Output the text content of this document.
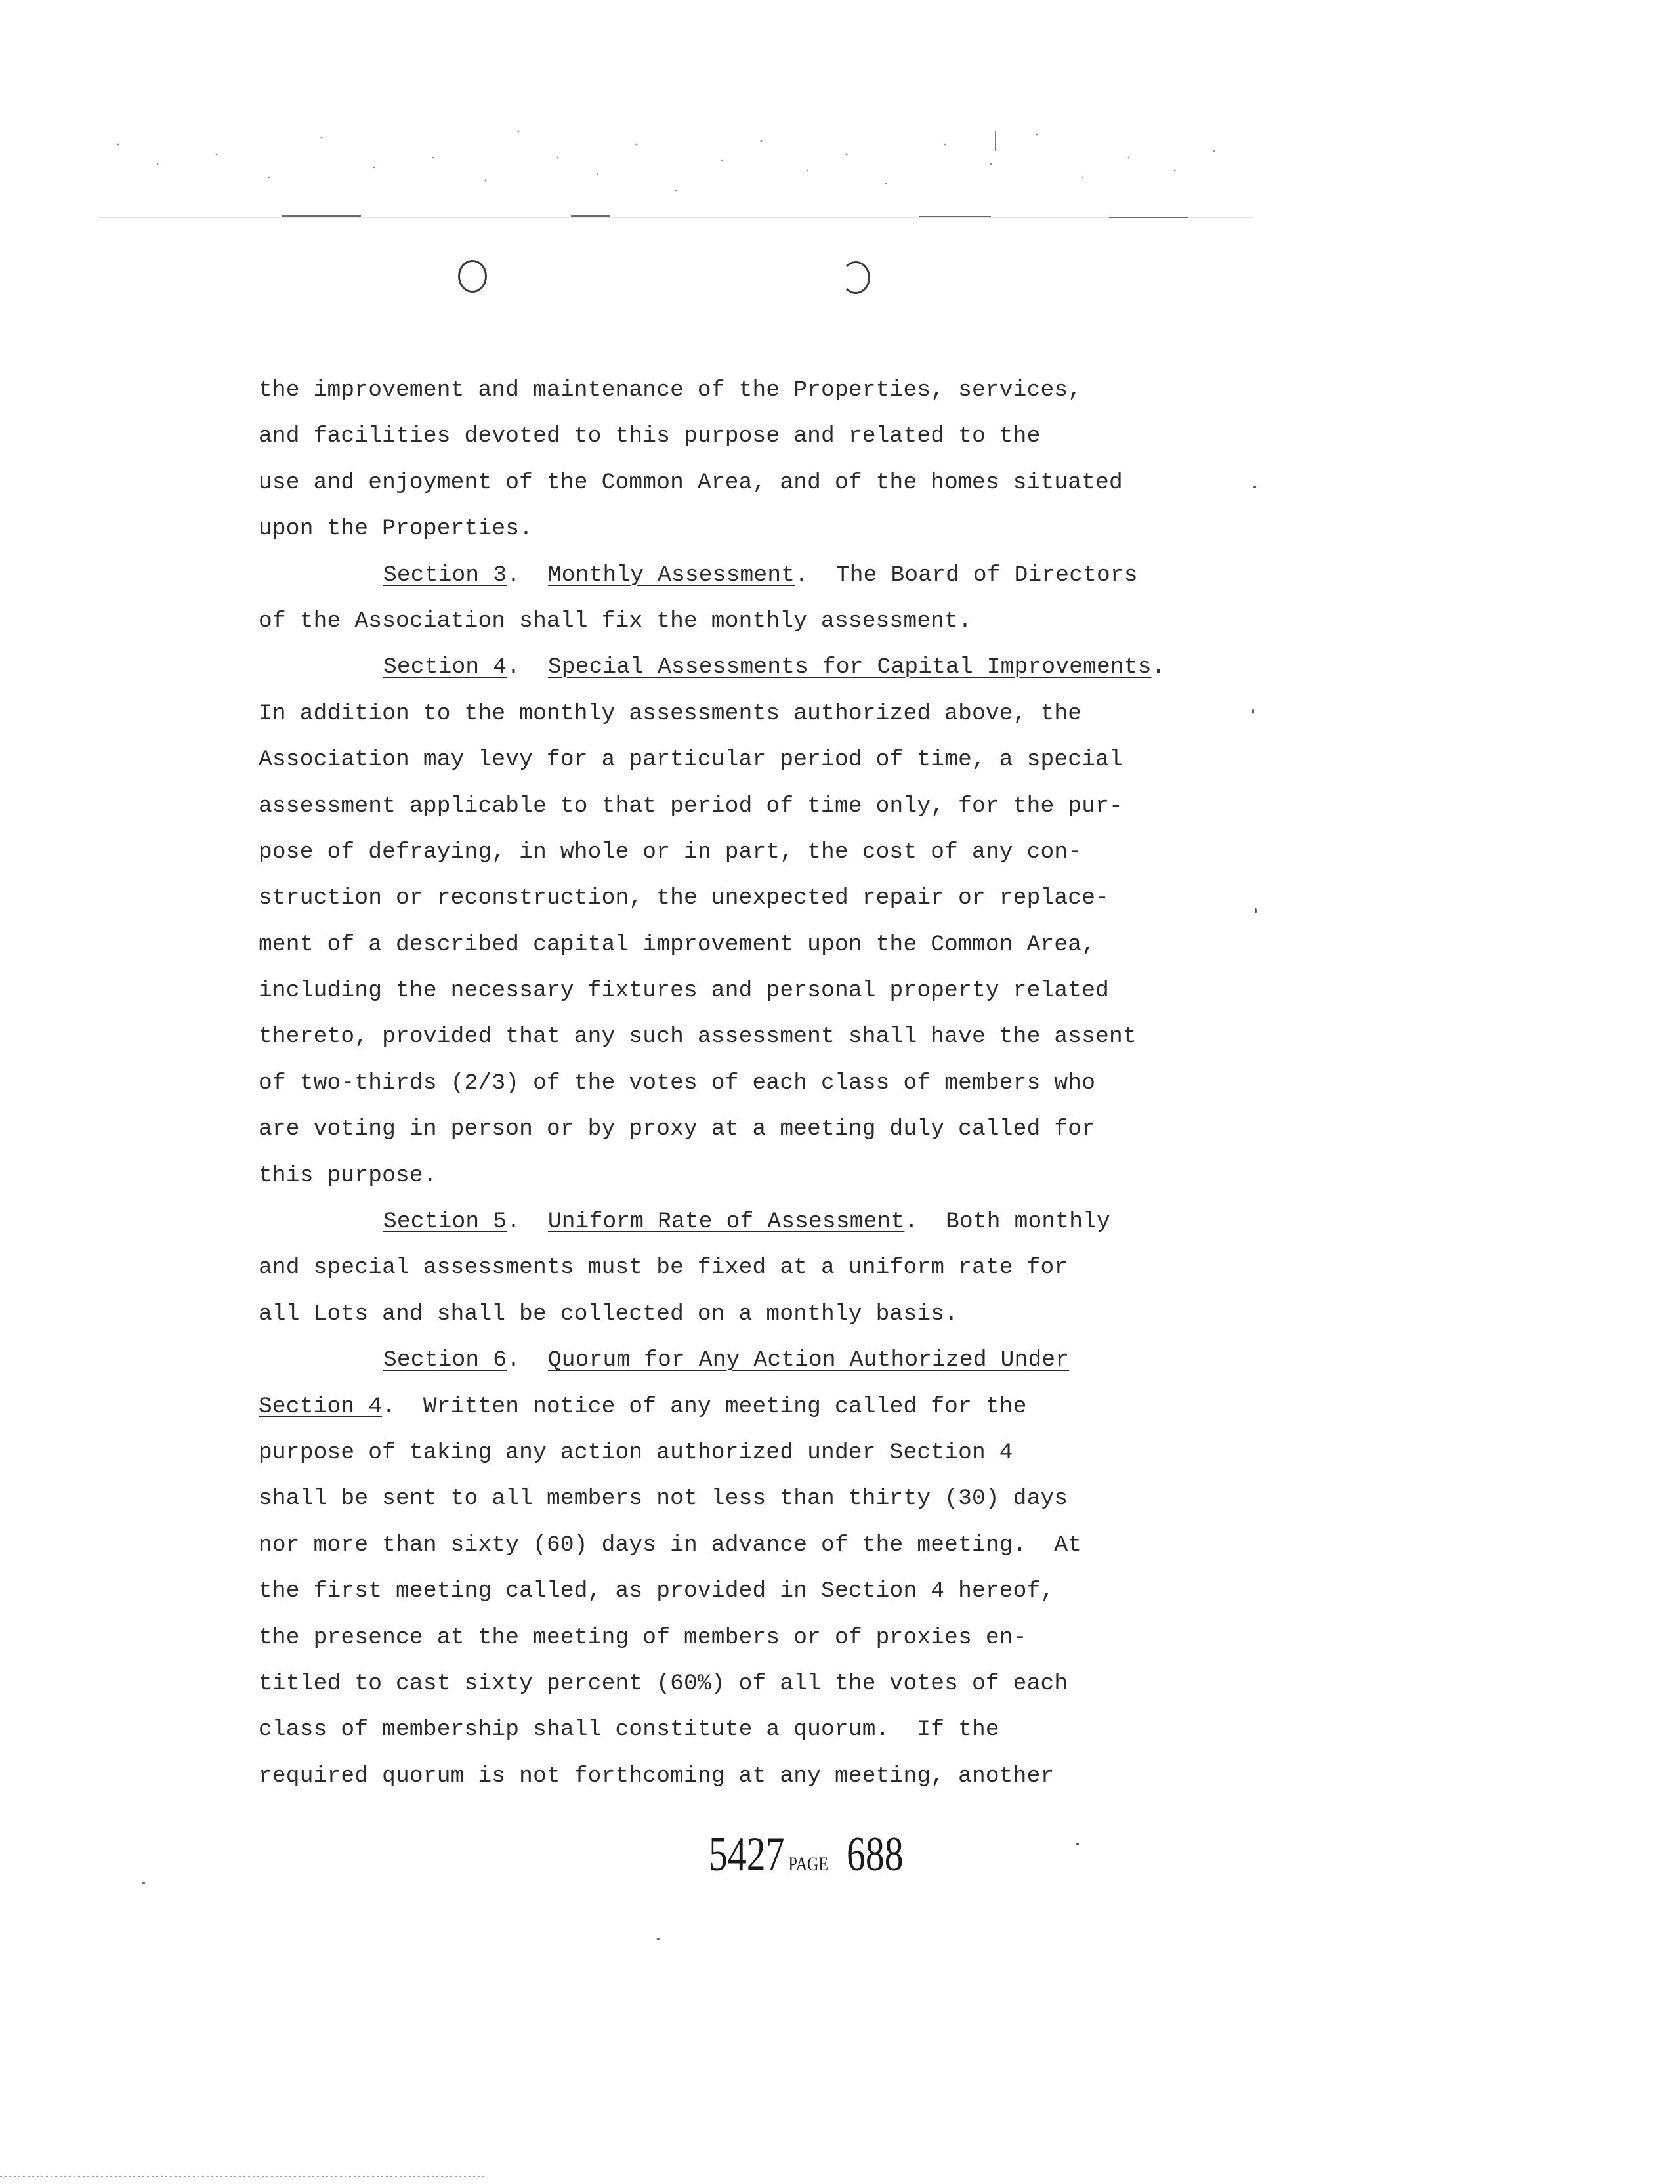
the improvement and maintenance of the Properties, services,
and facilities devoted to this purpose and related to the
use and enjoyment of the Common Area, and of the homes situated
upon the Properties.
Section 3.  Monthly Assessment.  The Board of Directors
of the Association shall fix the monthly assessment.
Section 4.  Special Assessments for Capital Improvements.
In addition to the monthly assessments authorized above, the
Association may levy for a particular period of time, a special
assessment applicable to that period of time only, for the pur-
pose of defraying, in whole or in part, the cost of any con-
struction or reconstruction, the unexpected repair or replace-
ment of a described capital improvement upon the Common Area,
including the necessary fixtures and personal property related
thereto, provided that any such assessment shall have the assent
of two-thirds (2/3) of the votes of each class of members who
are voting in person or by proxy at a meeting duly called for
this purpose.
Section 5.  Uniform Rate of Assessment.  Both monthly
and special assessments must be fixed at a uniform rate for
all Lots and shall be collected on a monthly basis.
Section 6.  Quorum for Any Action Authorized Under
Section 4.  Written notice of any meeting called for the
purpose of taking any action authorized under Section 4
shall be sent to all members not less than thirty (30) days
nor more than sixty (60) days in advance of the meeting.  At
the first meeting called, as provided in Section 4 hereof,
the presence at the meeting of members or of proxies en-
titled to cast sixty percent (60%) of all the votes of each
class of membership shall constitute a quorum.  If the
required quorum is not forthcoming at any meeting, another
5427 PAGE 688
